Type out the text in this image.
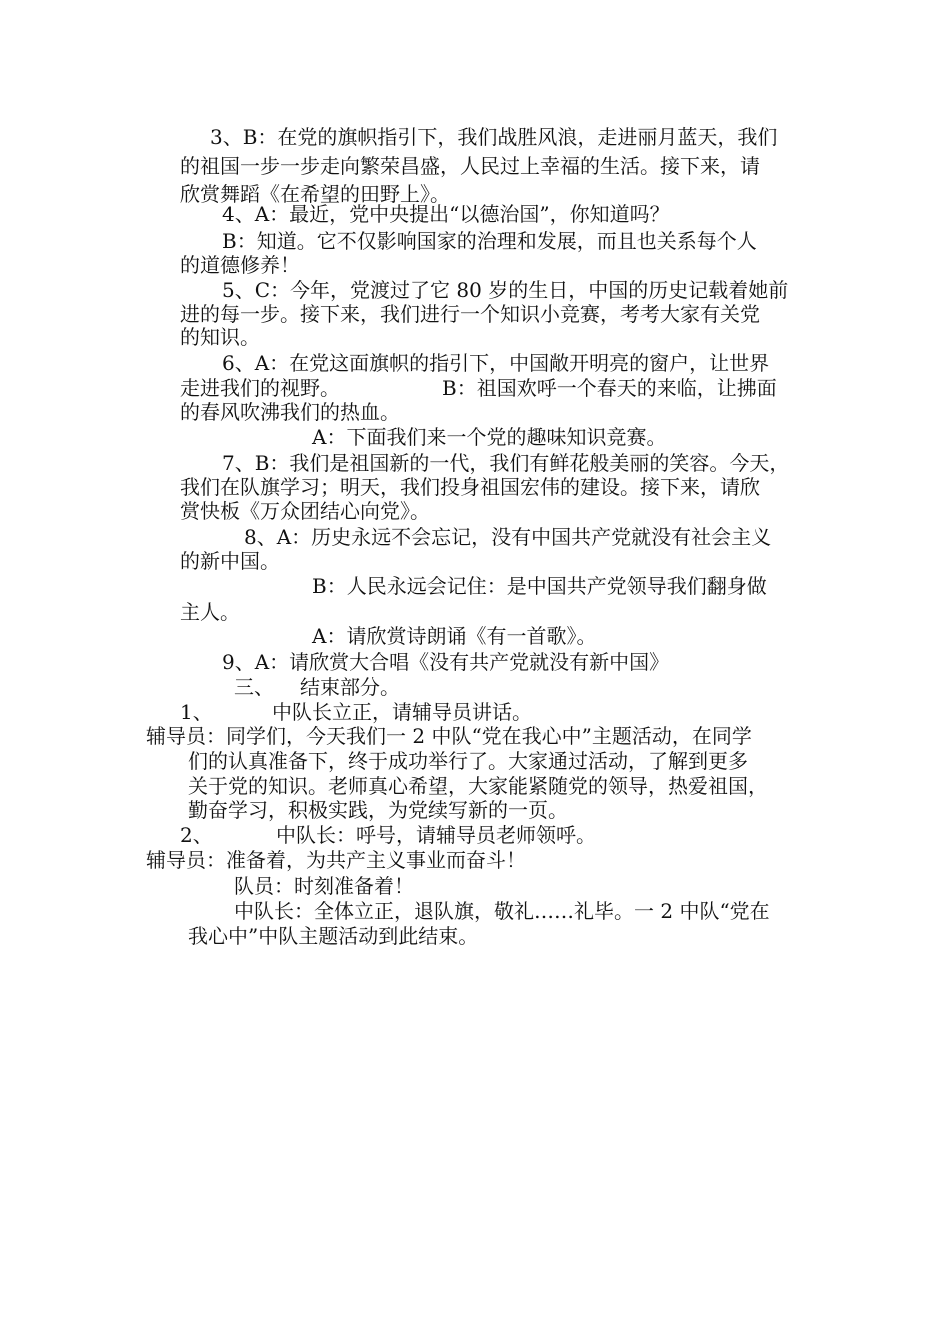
3、B：在党的旗帜指引下，我们战胜风浪，走进丽月蓝天，我们
的祖国一步一步走向繁荣昌盛，人民过上幸福的生活。接下来，请
欣赏舞蹈《在希望的田野上》。
4、A：最近，党中央提出“以德治国”，你知道吗？
B：知道。它不仅影响国家的治理和发展，而且也关系每个人
的道德修养！
5、C：今年，党渡过了它 80 岁的生日，中国的历史记载着她前
进的每一步。接下来，我们进行一个知识小竞赛，考考大家有关党
的知识。
6、A：在党这面旗帜的指引下，中国敞开明亮的窗户，让世界
走进我们的视野。	B：祖国欢呼一个春天的来临，让拂面
的春风吹沸我们的热血。
A：下面我们来一个党的趣味知识竞赛。
7、B：我们是祖国新的一代，我们有鲜花般美丽的笑容。今天，
我们在队旗学习；明天，我们投身祖国宏伟的建设。接下来，请欣
赏快板《万众团结心向党》。
8、A：历史永远不会忘记，没有中国共产党就没有社会主义
的新中国。
B：人民永远会记住：是中国共产党领导我们翻身做
主人。
A：请欣赏诗朗诵《有一首歌》。
9、A：请欣赏大合唱《没有共产党就没有新中国》
三、 结束部分。
1、	中队长立正，请辅导员讲话。
辅导员：同学们，今天我们一 2 中队“党在我心中”主题活动，在同学
们的认真准备下，终于成功举行了。大家通过活动，了解到更多
关于党的知识。老师真心希望，大家能紧随党的领导，热爱祖国，
勤奋学习，积极实践，为党续写新的一页。
2、	中队长：呼号，请辅导员老师领呼。
辅导员：准备着，为共产主义事业而奋斗！
队员：时刻准备着！
中队长：全体立正，退队旗，敬礼……礼毕。一 2 中队“党在
我心中”中队主题活动到此结束。
